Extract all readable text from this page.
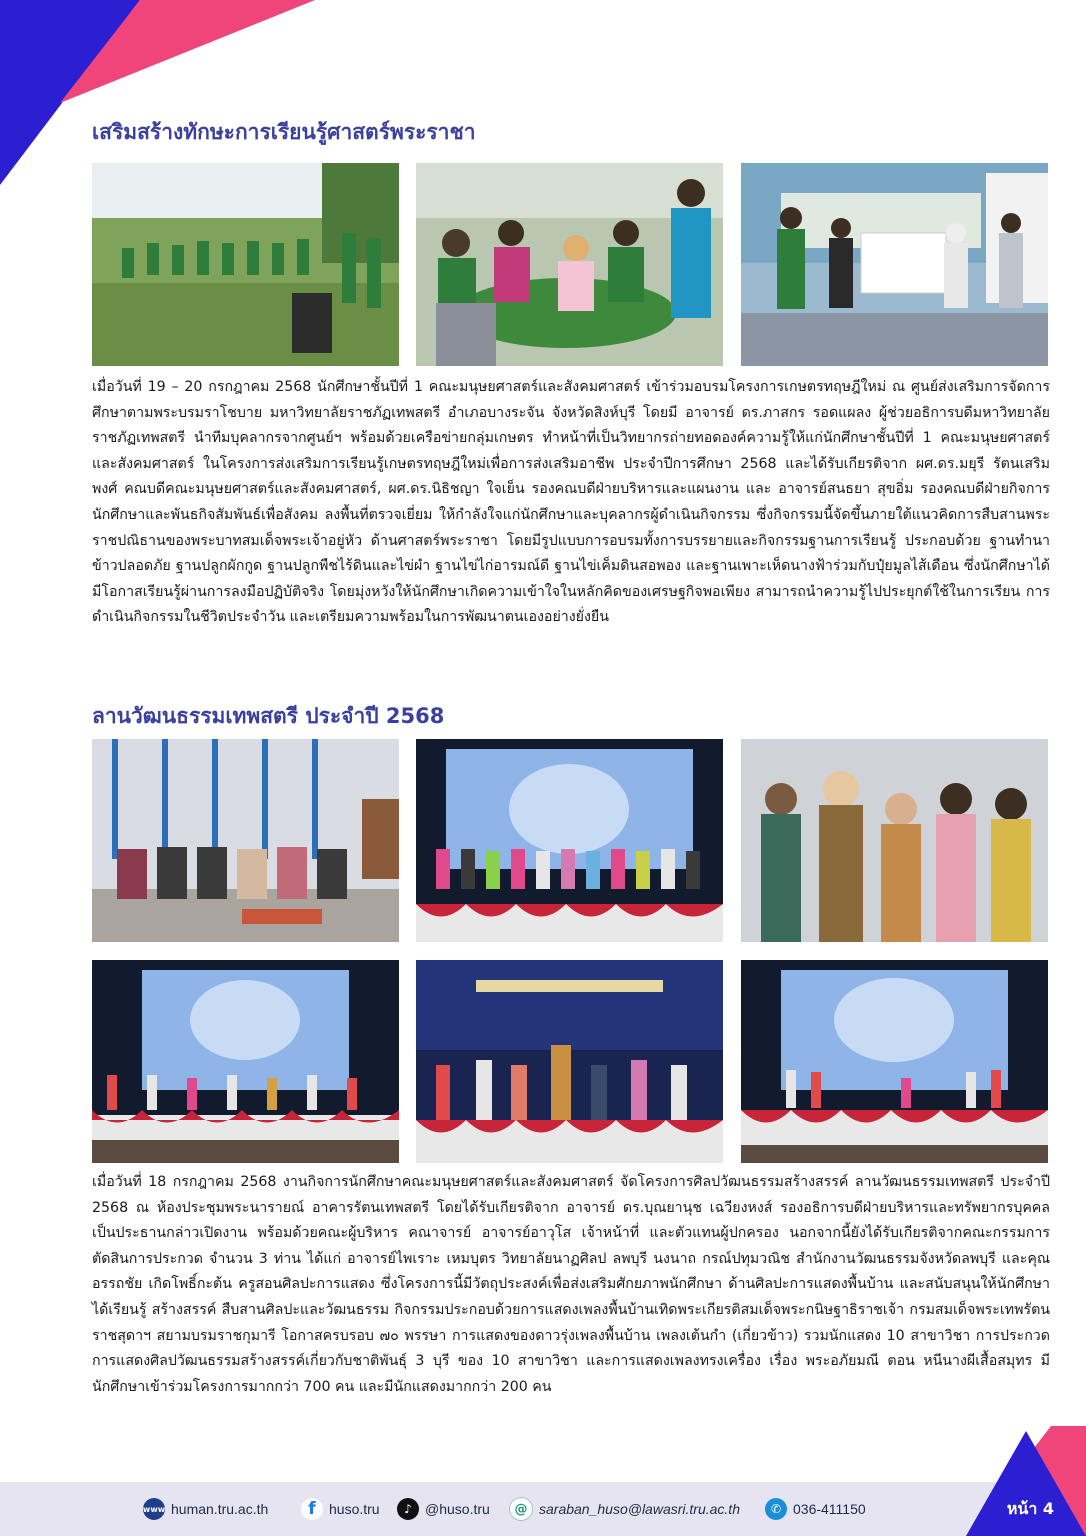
เสริมสร้างทักษะการเรียนรู้ศาสตร์พระราชา

เมื่อวันที่ 19 – 20 กรกฎาคม 2568 นักศึกษาชั้นปีที่ 1 คณะมนุษยศาสตร์และสังคมศาสตร์ เข้าร่วมอบรมโครงการเกษตรทฤษฎีใหม่ ณ ศูนย์ส่งเสริมการจัดการศึกษาตามพระบรมราโชบาย มหาวิทยาลัยราชภัฏเทพสตรี อำเภอบางระจัน จังหวัดสิงห์บุรี โดยมี อาจารย์ ดร.ภาสกร รอดแผลง ผู้ช่วยอธิการบดีมหาวิทยาลัยราชภัฏเทพสตรี นำทีมบุคลากรจากศูนย์ฯ พร้อมด้วยเครือข่ายกลุ่มเกษตร ทำหน้าที่เป็นวิทยากรถ่ายทอดองค์ความรู้ให้แก่นักศึกษาชั้นปีที่ 1 คณะมนุษยศาสตร์และสังคมศาสตร์ ในโครงการส่งเสริมการเรียนรู้เกษตรทฤษฎีใหม่เพื่อการส่งเสริมอาชีพ ประจำปีการศึกษา 2568 และได้รับเกียรติจาก ผศ.ดร.มยุรี รัตนเสริมพงศ์ คณบดีคณะมนุษยศาสตร์และสังคมศาสตร์, ผศ.ดร.นิธิชญา ใจเย็น รองคณบดีฝ่ายบริหารและแผนงาน และ อาจารย์สนธยา สุขอิ่ม รองคณบดีฝ่ายกิจการนักศึกษาและพันธกิจสัมพันธ์เพื่อสังคม ลงพื้นที่ตรวจเยี่ยม ให้กำลังใจแก่นักศึกษาและบุคลากรผู้ดำเนินกิจกรรม ซึ่งกิจกรรมนี้จัดขึ้นภายใต้แนวคิดการสืบสานพระราชปณิธานของพระบาทสมเด็จพระเจ้าอยู่หัว ด้านศาสตร์พระราชา โดยมีรูปแบบการอบรมทั้งการบรรยายและกิจกรรมฐานการเรียนรู้ ประกอบด้วย ฐานทำนาข้าวปลอดภัย ฐานปลูกผักกูด ฐานปลูกพืชไร้ดินและไข่ผำ ฐานไข่ไก่อารมณ์ดี ฐานไข่เค็มดินสอพอง และฐานเพาะเห็ดนางฟ้าร่วมกับปุ๋ยมูลไส้เดือน ซึ่งนักศึกษาได้มีโอกาสเรียนรู้ผ่านการลงมือปฏิบัติจริง โดยมุ่งหวังให้นักศึกษาเกิดความเข้าใจในหลักคิดของเศรษฐกิจพอเพียง สามารถนำความรู้ไปประยุกต์ใช้ในการเรียน การดำเนินกิจกรรมในชีวิตประจำวัน และเตรียมความพร้อมในการพัฒนาตนเองอย่างยั่งยืน

ลานวัฒนธรรมเทพสตรี ประจำปี 2568

เมื่อวันที่ 18 กรกฎาคม 2568 งานกิจการนักศึกษาคณะมนุษยศาสตร์และสังคมศาสตร์ จัดโครงการศิลปวัฒนธรรมสร้างสรรค์ ลานวัฒนธรรมเทพสตรี ประจำปี 2568 ณ ห้องประชุมพระนารายณ์ อาคารรัตนเทพสตรี โดยได้รับเกียรติจาก อาจารย์ ดร.บุณยานุช เฉวียงหงส์ รองอธิการบดีฝ่ายบริหารและทรัพยากรบุคคล เป็นประธานกล่าวเปิดงาน พร้อมด้วยคณะผู้บริหาร คณาจารย์ อาจารย์อาวุโส เจ้าหน้าที่ และตัวแทนผู้ปกครอง นอกจากนี้ยังได้รับเกียรติจากคณะกรรมการตัดสินการประกวด จำนวน 3 ท่าน ได้แก่ อาจารย์ไพเราะ เหมบุตร วิทยาลัยนาฏศิลป ลพบุรี นงนาถ กรณ์ปทุมวณิช สำนักงานวัฒนธรรมจังหวัดลพบุรี และคุณอรรถชัย เกิดโพธิ์กะต้น ครูสอนศิลปะการแสดง ซึ่งโครงการนี้มีวัตถุประสงค์เพื่อส่งเสริมศักยภาพนักศึกษา ด้านศิลปะการแสดงพื้นบ้าน และสนับสนุนให้นักศึกษาได้เรียนรู้ สร้างสรรค์ สืบสานศิลปะและวัฒนธรรม กิจกรรมประกอบด้วยการแสดงเพลงพื้นบ้านเทิดพระเกียรติสมเด็จพระกนิษฐาธิราชเจ้า กรมสมเด็จพระเทพรัตนราชสุดาฯ สยามบรมราชกุมารี โอกาสครบรอบ ๗๐ พรรษา การแสดงของดาวรุ่งเพลงพื้นบ้าน เพลงเต้นกำ (เกี่ยวข้าว) รวมนักแสดง 10 สาขาวิชา การประกวดการแสดงศิลปวัฒนธรรมสร้างสรรค์เกี่ยวกับชาติพันธุ์ 3 บุรี ของ 10 สาขาวิชา และการแสดงเพลงทรงเครื่อง เรื่อง พระอภัยมณี ตอน หนีนางผีเสื้อสมุทร มีนักศึกษาเข้าร่วมโครงการมากกว่า 700 คน และมีนักแสดงมากกว่า 200 คน

www human.tru.ac.th	f huso.tru	♪ @huso.tru	@ saraban_huso@lawasri.tru.ac.th	✆ 036-411150	หน้า 4
